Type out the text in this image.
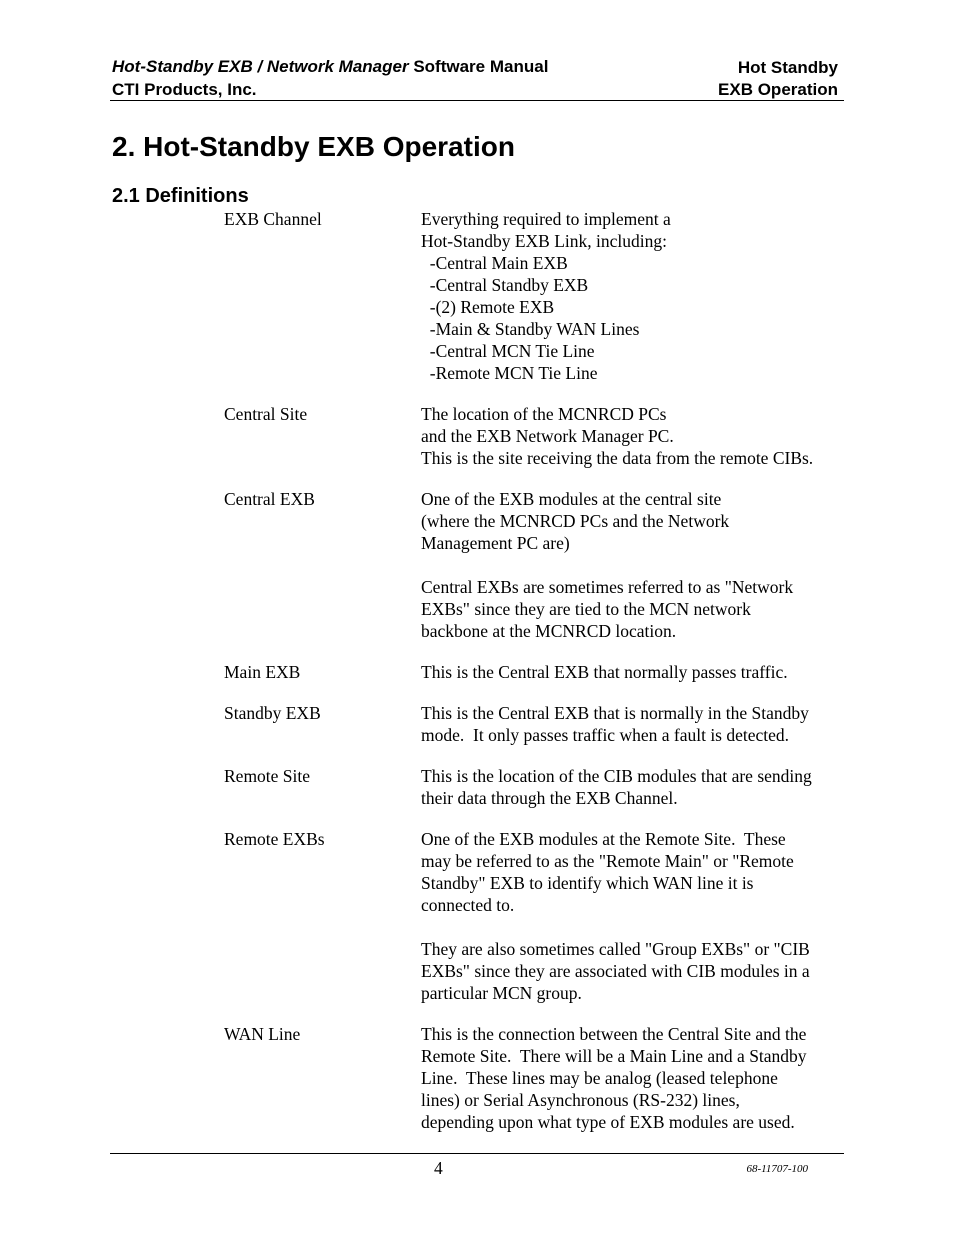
Hot-Standby EXB / Network Manager Software Manual
CTI Products, Inc.
Hot Standby
EXB Operation
2. Hot-Standby EXB Operation
2.1 Definitions
EXB Channel	Everything required to implement a
Hot-Standby EXB Link, including:
-Central Main EXB
-Central Standby EXB
-(2) Remote EXB
-Main & Standby WAN Lines
-Central MCN Tie Line
-Remote MCN Tie Line
Central Site	The location of the MCNRCD PCs
and the EXB Network Manager PC.
This is the site receiving the data from the remote CIBs.
Central EXB	One of the EXB modules at the central site
(where the MCNRCD PCs and the Network
Management PC are)
Central EXBs are sometimes referred to as "Network
EXBs" since they are tied to the MCN network
backbone at the MCNRCD location.
Main EXB	This is the Central EXB that normally passes traffic.
Standby EXB	This is the Central EXB that is normally in the Standby
mode.  It only passes traffic when a fault is detected.
Remote Site	This is the location of the CIB modules that are sending
their data through the EXB Channel.
Remote EXBs	One of the EXB modules at the Remote Site.  These
may be referred to as the "Remote Main" or "Remote
Standby" EXB to identify which WAN line it is
connected to.
They are also sometimes called "Group EXBs" or "CIB
EXBs" since they are associated with CIB modules in a
particular MCN group.
WAN Line	This is the connection between the Central Site and the
Remote Site.  There will be a Main Line and a Standby
Line.  These lines may be analog (leased telephone
lines) or Serial Asynchronous (RS-232) lines,
depending upon what type of EXB modules are used.
4	68-11707-100
